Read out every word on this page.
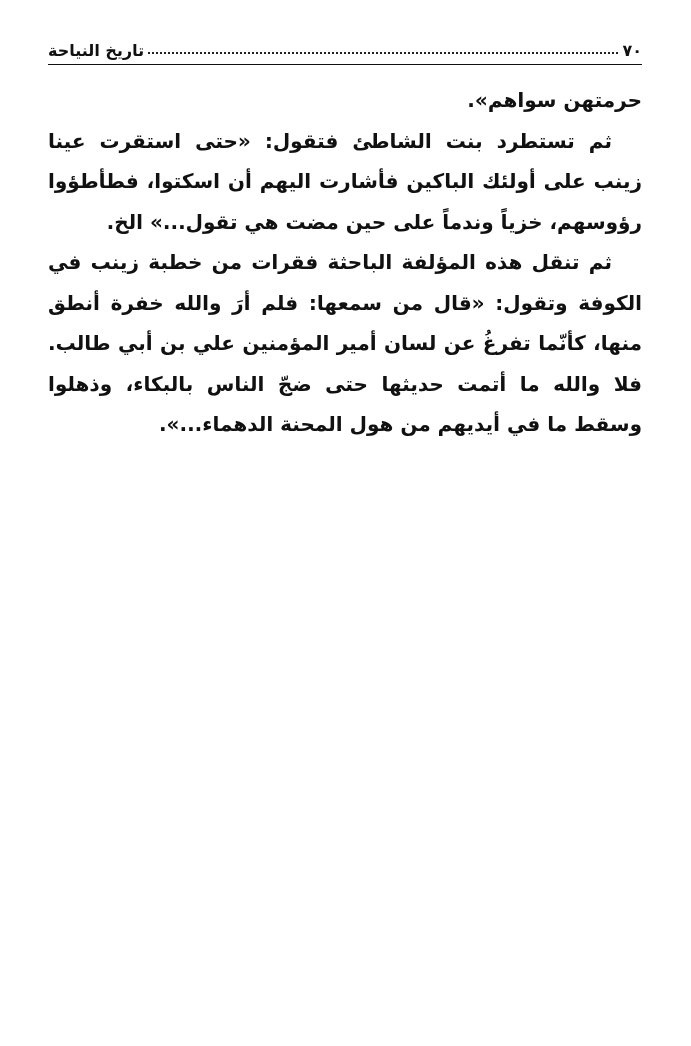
٧٠
تاريخ النياحة

حرمتهن سواهم».

ثم تستطرد بنت الشاطئ فتقول: «حتى استقرت عينا زينب على أولئك الباكين فأشارت اليهم أن اسكتوا، فطأطؤوا رؤوسهم، خزياً وندماً على حين مضت هي تقول...» الخ.

ثم تنقل هذه المؤلفة الباحثة فقرات من خطبة زينب في الكوفة وتقول: «قال من سمعها: فلم أرَ والله خفرة أنطق منها، كأنّما تفرغُ عن لسان أمير المؤمنين علي بن أبي طالب. فلا والله ما أتمت حديثها حتى ضجّ الناس بالبكاء، وذهلوا وسقط ما في أيديهم من هول المحنة الدهماء...».
